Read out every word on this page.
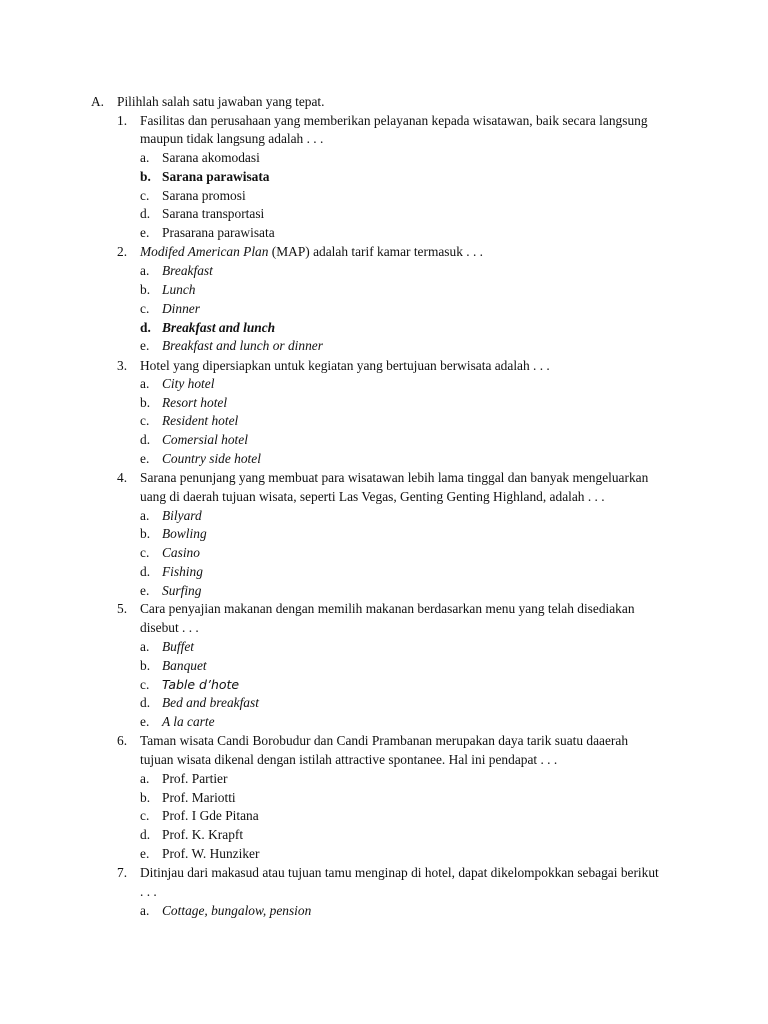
A. Pilihlah salah satu jawaban yang tepat.
1. Fasilitas dan perusahaan yang memberikan pelayanan kepada wisatawan, baik secara langsung
maupun tidak langsung adalah . . .
a. Sarana akomodasi
b. Sarana parawisata
c. Sarana promosi
d. Sarana transportasi
e. Prasarana parawisata
2. Modifed American Plan (MAP) adalah tarif kamar termasuk . . .
a. Breakfast
b. Lunch
c. Dinner
d. Breakfast and lunch
e. Breakfast and lunch or dinner
3. Hotel yang dipersiapkan untuk kegiatan yang bertujuan berwisata adalah . . .
a. City hotel
b. Resort hotel
c. Resident hotel
d. Comersial hotel
e. Country side hotel
4. Sarana penunjang yang membuat para wisatawan lebih lama tinggal dan banyak mengeluarkan
uang di daerah tujuan wisata, seperti Las Vegas, Genting Genting Highland, adalah . . .
a. Bilyard
b. Bowling
c. Casino
d. Fishing
e. Surfing
5. Cara penyajian makanan dengan memilih makanan berdasarkan menu yang telah disediakan
disebut . . .
a. Buffet
b. Banquet
c. Table d’hote
d. Bed and breakfast
e. A la carte
6. Taman wisata Candi Borobudur dan Candi Prambanan merupakan daya tarik suatu daaerah
tujuan wisata dikenal dengan istilah attractive spontanee. Hal ini pendapat . . .
a. Prof. Partier
b. Prof. Mariotti
c. Prof. I Gde Pitana
d. Prof. K. Krapft
e. Prof. W. Hunziker
7. Ditinjau dari makasud atau tujuan tamu menginap di hotel, dapat dikelompokkan sebagai berikut
. . .
a. Cottage, bungalow, pension
